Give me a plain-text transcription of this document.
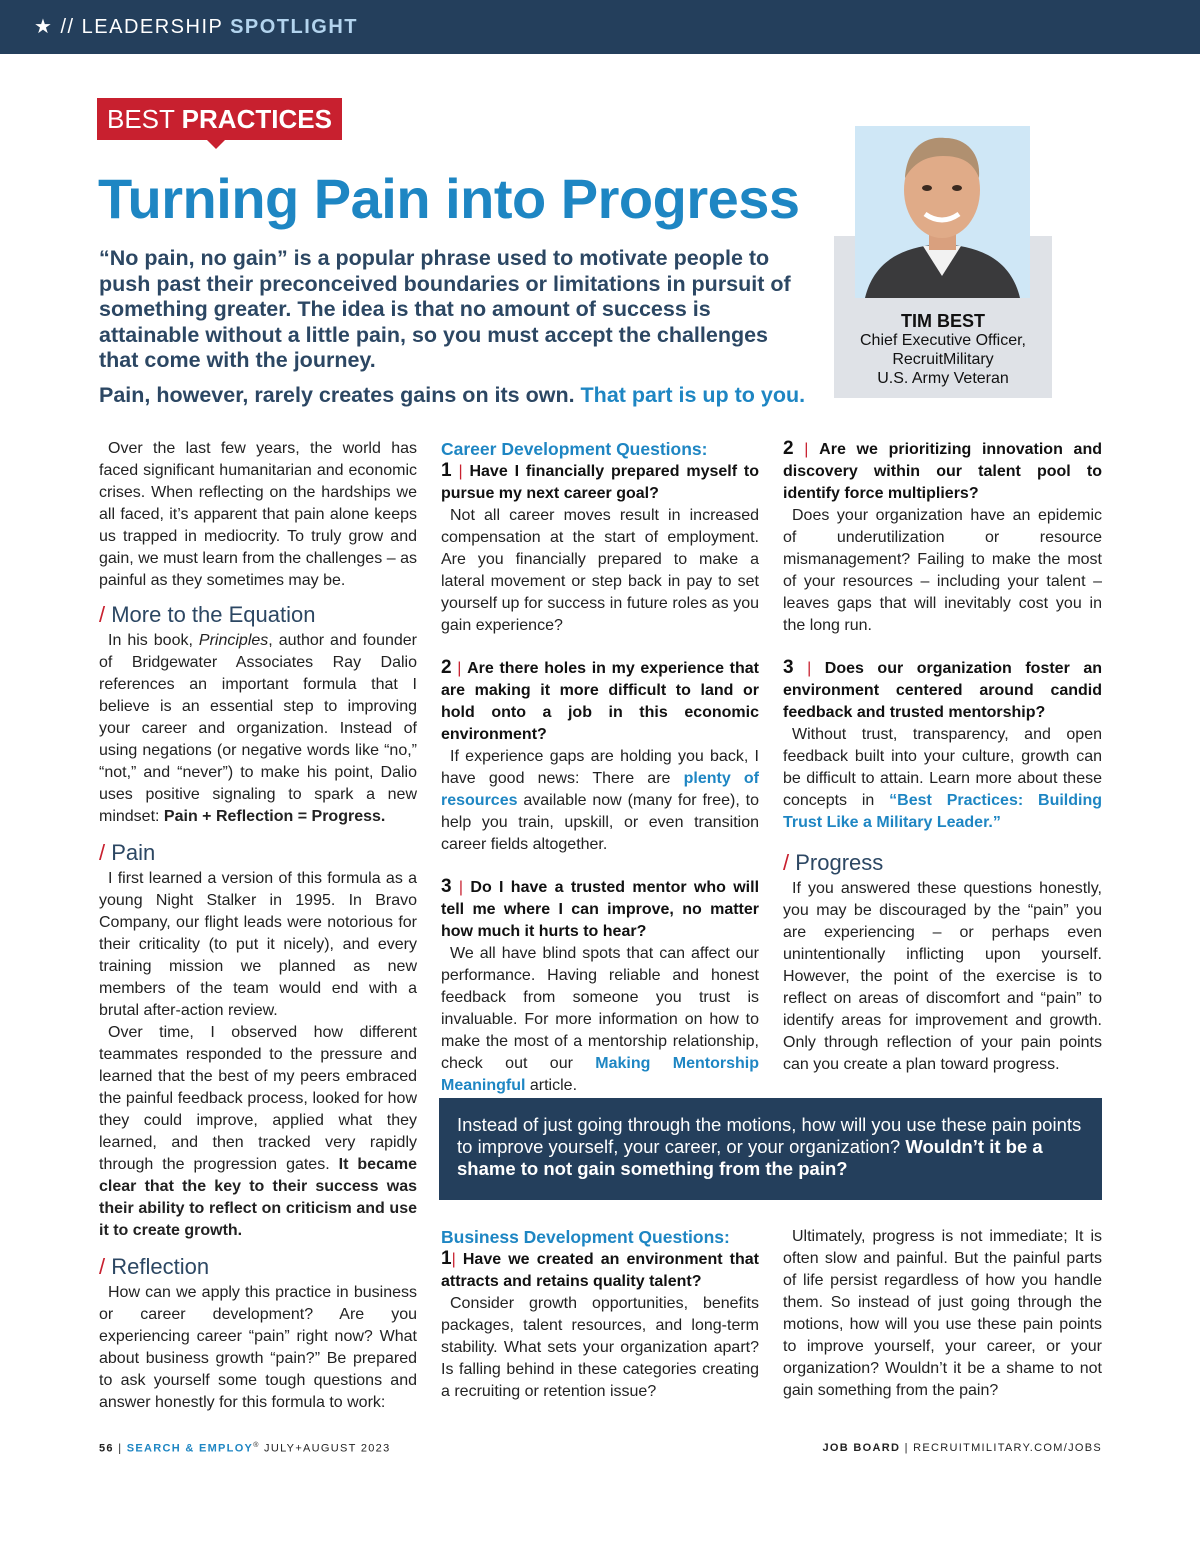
★ // LEADERSHIP SPOTLIGHT
BEST PRACTICES
Turning Pain into Progress

“No pain, no gain” is a popular phrase used to motivate people to push past their preconceived boundaries or limitations in pursuit of something greater. The idea is that no amount of success is attainable without a little pain, so you must accept the challenges that come with the journey.

Pain, however, rarely creates gains on its own. That part is up to you.

TIM BEST
Chief Executive Officer,
RecruitMilitary
U.S. Army Veteran

Over the last few years, the world has faced significant humanitarian and economic crises. When reflecting on the hardships we all faced, it’s apparent that pain alone keeps us trapped in mediocrity. To truly grow and gain, we must learn from the challenges – as painful as they sometimes may be.

/ More to the Equation

In his book, Principles, author and founder of Bridgewater Associates Ray Dalio references an important formula that I believe is an essential step to improving your career and organization. Instead of using negations (or negative words like “no,” “not,” and “never”) to make his point, Dalio uses positive signaling to spark a new mindset: Pain + Reflection = Progress.

/ Pain

I first learned a version of this formula as a young Night Stalker in 1995. In Bravo Company, our flight leads were notorious for their criticality (to put it nicely), and every training mission we planned as new members of the team would end with a brutal after-action review.

Over time, I observed how different teammates responded to the pressure and learned that the best of my peers embraced the painful feedback process, looked for how they could improve, applied what they learned, and then tracked very rapidly through the progression gates. It became clear that the key to their success was their ability to reflect on criticism and use it to create growth.

/ Reflection

How can we apply this practice in business or career development? Are you experiencing career “pain” right now? What about business growth “pain?” Be prepared to ask yourself some tough questions and answer honestly for this formula to work:

Career Development Questions:

1 | Have I financially prepared myself to pursue my next career goal?

Not all career moves result in increased compensation at the start of employment. Are you financially prepared to make a lateral movement or step back in pay to set yourself up for success in future roles as you gain experience?

2 | Are there holes in my experience that are making it more difficult to land or hold onto a job in this economic environment?

If experience gaps are holding you back, I have good news: There are plenty of resources available now (many for free), to help you train, upskill, or even transition career fields altogether.

3 | Do I have a trusted mentor who will tell me where I can improve, no matter how much it hurts to hear?

We all have blind spots that can affect our performance. Having reliable and honest feedback from someone you trust is invaluable. For more information on how to make the most of a mentorship relationship, check out our Making Mentorship Meaningful article.

2 | Are we prioritizing innovation and discovery within our talent pool to identify force multipliers?

Does your organization have an epidemic of underutilization or resource mismanagement? Failing to make the most of your resources – including your talent – leaves gaps that will inevitably cost you in the long run.

3 | Does our organization foster an environment centered around candid feedback and trusted mentorship?

Without trust, transparency, and open feedback built into your culture, growth can be difficult to attain. Learn more about these concepts in “Best Practices: Building Trust Like a Military Leader.”

/ Progress

If you answered these questions honestly, you may be discouraged by the “pain” you are experiencing – or perhaps even unintentionally inflicting upon yourself. However, the point of the exercise is to reflect on areas of discomfort and “pain” to identify areas for improvement and growth. Only through reflection of your pain points can you create a plan toward progress.

Instead of just going through the motions, how will you use these pain points to improve yourself, your career, or your organization? Wouldn’t it be a shame to not gain something from the pain?

Business Development Questions:

1| Have we created an environment that attracts and retains quality talent?

Consider growth opportunities, benefits packages, talent resources, and long-term stability. What sets your organization apart? Is falling behind in these categories creating a recruiting or retention issue?

Ultimately, progress is not immediate; It is often slow and painful. But the painful parts of life persist regardless of how you handle them. So instead of just going through the motions, how will you use these pain points to improve yourself, your career, or your organization? Wouldn’t it be a shame to not gain something from the pain?

56 | SEARCH & EMPLOY® JULY+AUGUST 2023	JOB BOARD | RECRUITMILITARY.COM/JOBS
